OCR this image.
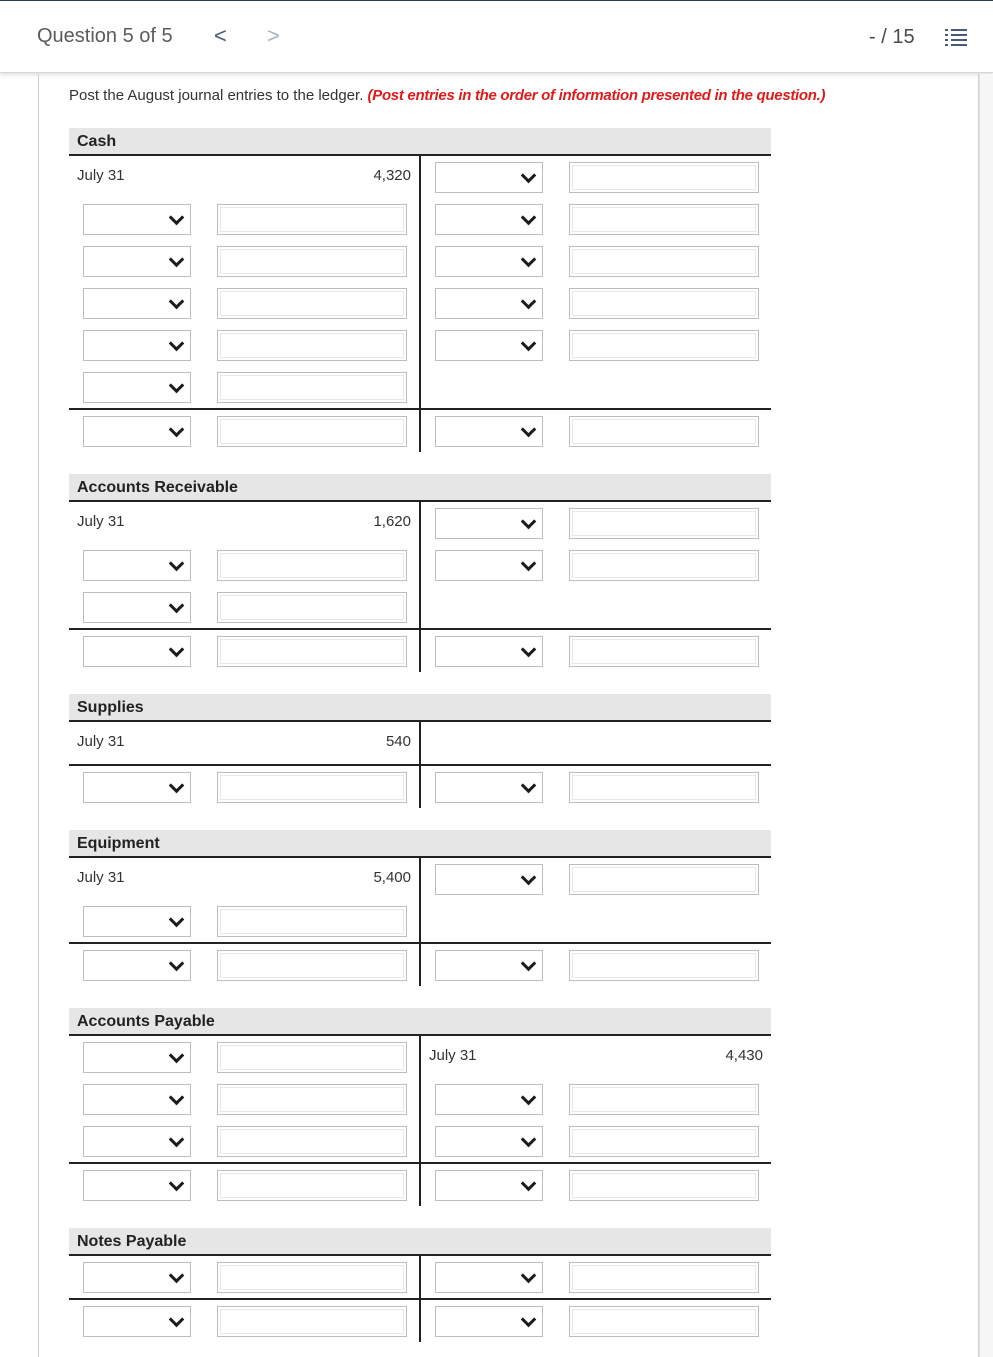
Question 5 of 5 < >	- / 15
Post the August journal entries to the ledger. (Post entries in the order of information presented in the question.)
Cash
July 31	4,320
Accounts Receivable
July 31	1,620
Supplies
July 31	540
Equipment
July 31	5,400
Accounts Payable
July 31	4,430
Notes Payable
